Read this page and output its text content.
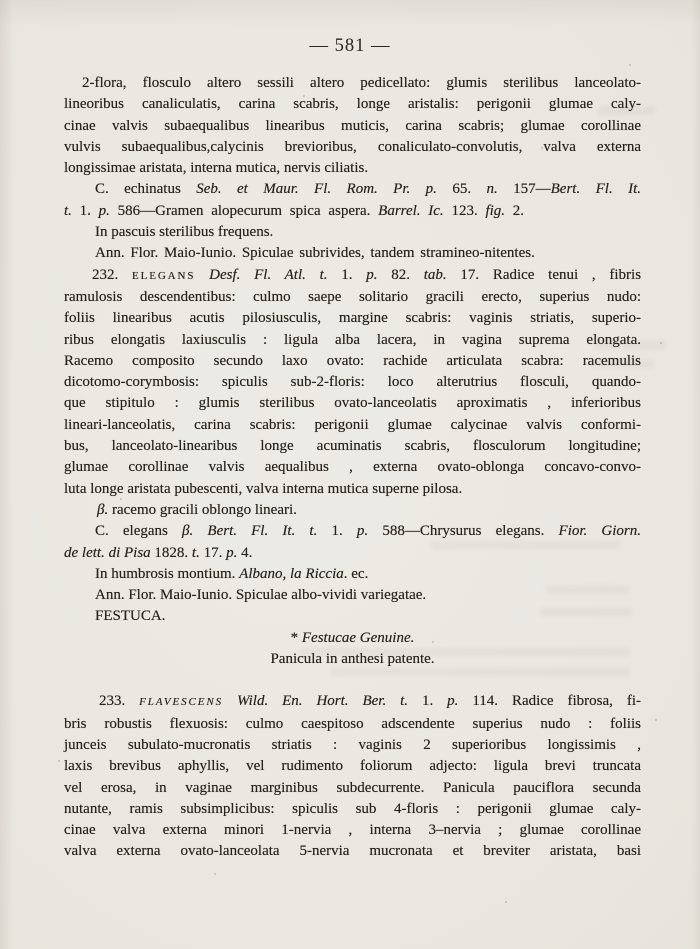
— 581 —
2-flora, flosculo altero sessili altero pedicellato: glumis sterilibus lanceolato-
lineoribus canaliculatis, carina scabris, longe aristalis: perigonii glumae caly-
cinae valvis subaequalibus linearibus muticis, carina scabris; glumae corollinae
vulvis subaequalibus,calycinis brevioribus, conaliculato-convolutis, valva externa
longissimae aristata, interna mutica, nervis ciliatis.
C. echinatus Seb. et Maur. Fl. Rom. Pr. p. 65. n. 157—Bert. Fl. It.
t. 1. p. 586—Gramen alopecurum spica aspera. Barrel. Ic. 123. fig. 2.
In pascuis sterilibus frequens.
Ann. Flor. Maio-Iunio. Spiculae subrivides, tandem stramineo-nitentes.
232. ELEGANS Desf. Fl. Atl. t. 1. p. 82. tab. 17. Radice tenui , fibris
ramulosis descendentibus: culmo saepe solitario gracili erecto, superius nudo:
foliis linearibus acutis pilosiusculis, margine scabris: vaginis striatis, superio-
ribus elongatis laxiusculis : ligula alba lacera, in vagina suprema elongata.
Racemo composito secundo laxo ovato: rachide articulata scabra: racemulis
dicotomo-corymbosis: spiculis sub-2-floris: loco alterutrius flosculi, quando-
que stipitulo : glumis sterilibus ovato-lanceolatis aproximatis , inferioribus
lineari-lanceolatis, carina scabris: perigonii glumae calycinae valvis conformi-
bus, lanceolato-linearibus longe acuminatis scabris, flosculorum longitudine;
glumae corollinae valvis aequalibus , externa ovato-oblonga concavo-convo-
luta longe aristata pubescenti, valva interna mutica superne pilosa.
β. racemo gracili oblongo lineari.
C. elegans β. Bert. Fl. It. t. 1. p. 588—Chrysurus elegans. Fior. Giorn.
de lett. di Pisa 1828. t. 17. p. 4.
In humbrosis montium. Albano, la Riccia. ec.
Ann. Flor. Maio-Iunio. Spiculae albo-vividi variegatae.
FESTUCA.
* Festucae Genuine.
Panicula in anthesi patente.
233. FLAVESCENS Wild. En. Hort. Ber. t. 1. p. 114. Radice fibrosa, fi-
bris robustis flexuosis: culmo caespitoso adscendente superius nudo : foliis
junceis subulato-mucronatis striatis : vaginis 2 superioribus longissimis ,
laxis brevibus aphyllis, vel rudimento foliorum adjecto: ligula brevi truncata
vel erosa, in vaginae marginibus subdecurrente. Panicula pauciflora secunda
nutante, ramis subsimplicibus: spiculis sub 4-floris : perigonii glumae caly-
cinae valva externa minori 1-nervia , interna 3–nervia ; glumae corollinae
valva externa ovato-lanceolata 5-nervia mucronata et breviter aristata, basi
